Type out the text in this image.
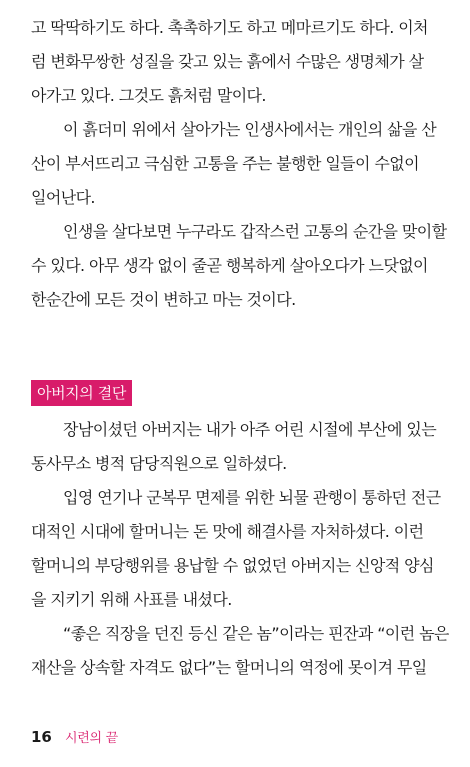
고 딱딱하기도 하다. 촉촉하기도 하고 메마르기도 하다. 이처
럼 변화무쌍한 성질을 갖고 있는 흙에서 수많은 생명체가 살
아가고 있다. 그것도 흙처럼 말이다.

이 흙더미 위에서 살아가는 인생사에서는 개인의 삶을 산
산이 부서뜨리고 극심한 고통을 주는 불행한 일들이 수없이
일어난다.

인생을 살다보면 누구라도 갑작스런 고통의 순간을 맞이할
수 있다. 아무 생각 없이 줄곧 행복하게 살아오다가 느닷없이
한순간에 모든 것이 변하고 마는 것이다.

아버지의 결단

장남이셨던 아버지는 내가 아주 어린 시절에 부산에 있는
동사무소 병적 담당직원으로 일하셨다.

입영 연기나 군복무 면제를 위한 뇌물 관행이 통하던 전근
대적인 시대에 할머니는 돈 맛에 해결사를 자처하셨다. 이런
할머니의 부당행위를 용납할 수 없었던 아버지는 신앙적 양심
을 지키기 위해 사표를 내셨다.

“좋은 직장을 던진 등신 같은 놈”이라는 핀잔과 “이런 놈은
재산을 상속할 자격도 없다”는 할머니의 역정에 못이겨 무일

16 시련의 끝
